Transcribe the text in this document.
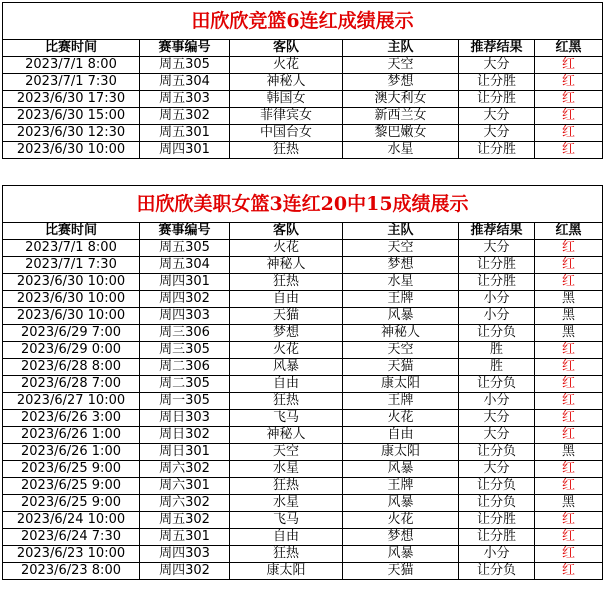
田欣欣竞篮6连红成绩展示					
比赛时间	赛事编号	客队	主队	推荐结果	红黑
2023/7/1 8:00	周五305	火花	天空	大分	红
2023/7/1 7:30	周五304	神秘人	梦想	让分胜	红
2023/6/30 17:30	周五303	韩国女	澳大利女	让分胜	红
2023/6/30 15:00	周五302	菲律宾女	新西兰女	大分	红
2023/6/30 12:30	周五301	中国台女	黎巴嫩女	大分	红
2023/6/30 10:00	周四301	狂热	水星	让分胜	红
田欣欣美职女篮3连红20中15成绩展示					
比赛时间	赛事编号	客队	主队	推荐结果	红黑
2023/7/1 8:00	周五305	火花	天空	大分	红
2023/7/1 7:30	周五304	神秘人	梦想	让分胜	红
2023/6/30 10:00	周四301	狂热	水星	让分胜	红
2023/6/30 10:00	周四302	自由	王牌	小分	黑
2023/6/30 10:00	周四303	天猫	风暴	小分	黑
2023/6/29 7:00	周三306	梦想	神秘人	让分负	黑
2023/6/29 0:00	周三305	火花	天空	胜	红
2023/6/28 8:00	周二306	风暴	天猫	胜	红
2023/6/28 7:00	周二305	自由	康太阳	让分负	红
2023/6/27 10:00	周一305	狂热	王牌	小分	红
2023/6/26 3:00	周日303	飞马	火花	大分	红
2023/6/26 1:00	周日302	神秘人	自由	大分	红
2023/6/26 1:00	周日301	天空	康太阳	让分负	黑
2023/6/25 9:00	周六302	水星	风暴	大分	红
2023/6/25 9:00	周六301	狂热	王牌	让分负	红
2023/6/25 9:00	周六302	水星	风暴	让分负	黑
2023/6/24 10:00	周五302	飞马	火花	让分胜	红
2023/6/24 7:30	周五301	自由	梦想	让分胜	红
2023/6/23 10:00	周四303	狂热	风暴	小分	红
2023/6/23 8:00	周四302	康太阳	天猫	让分负	红
